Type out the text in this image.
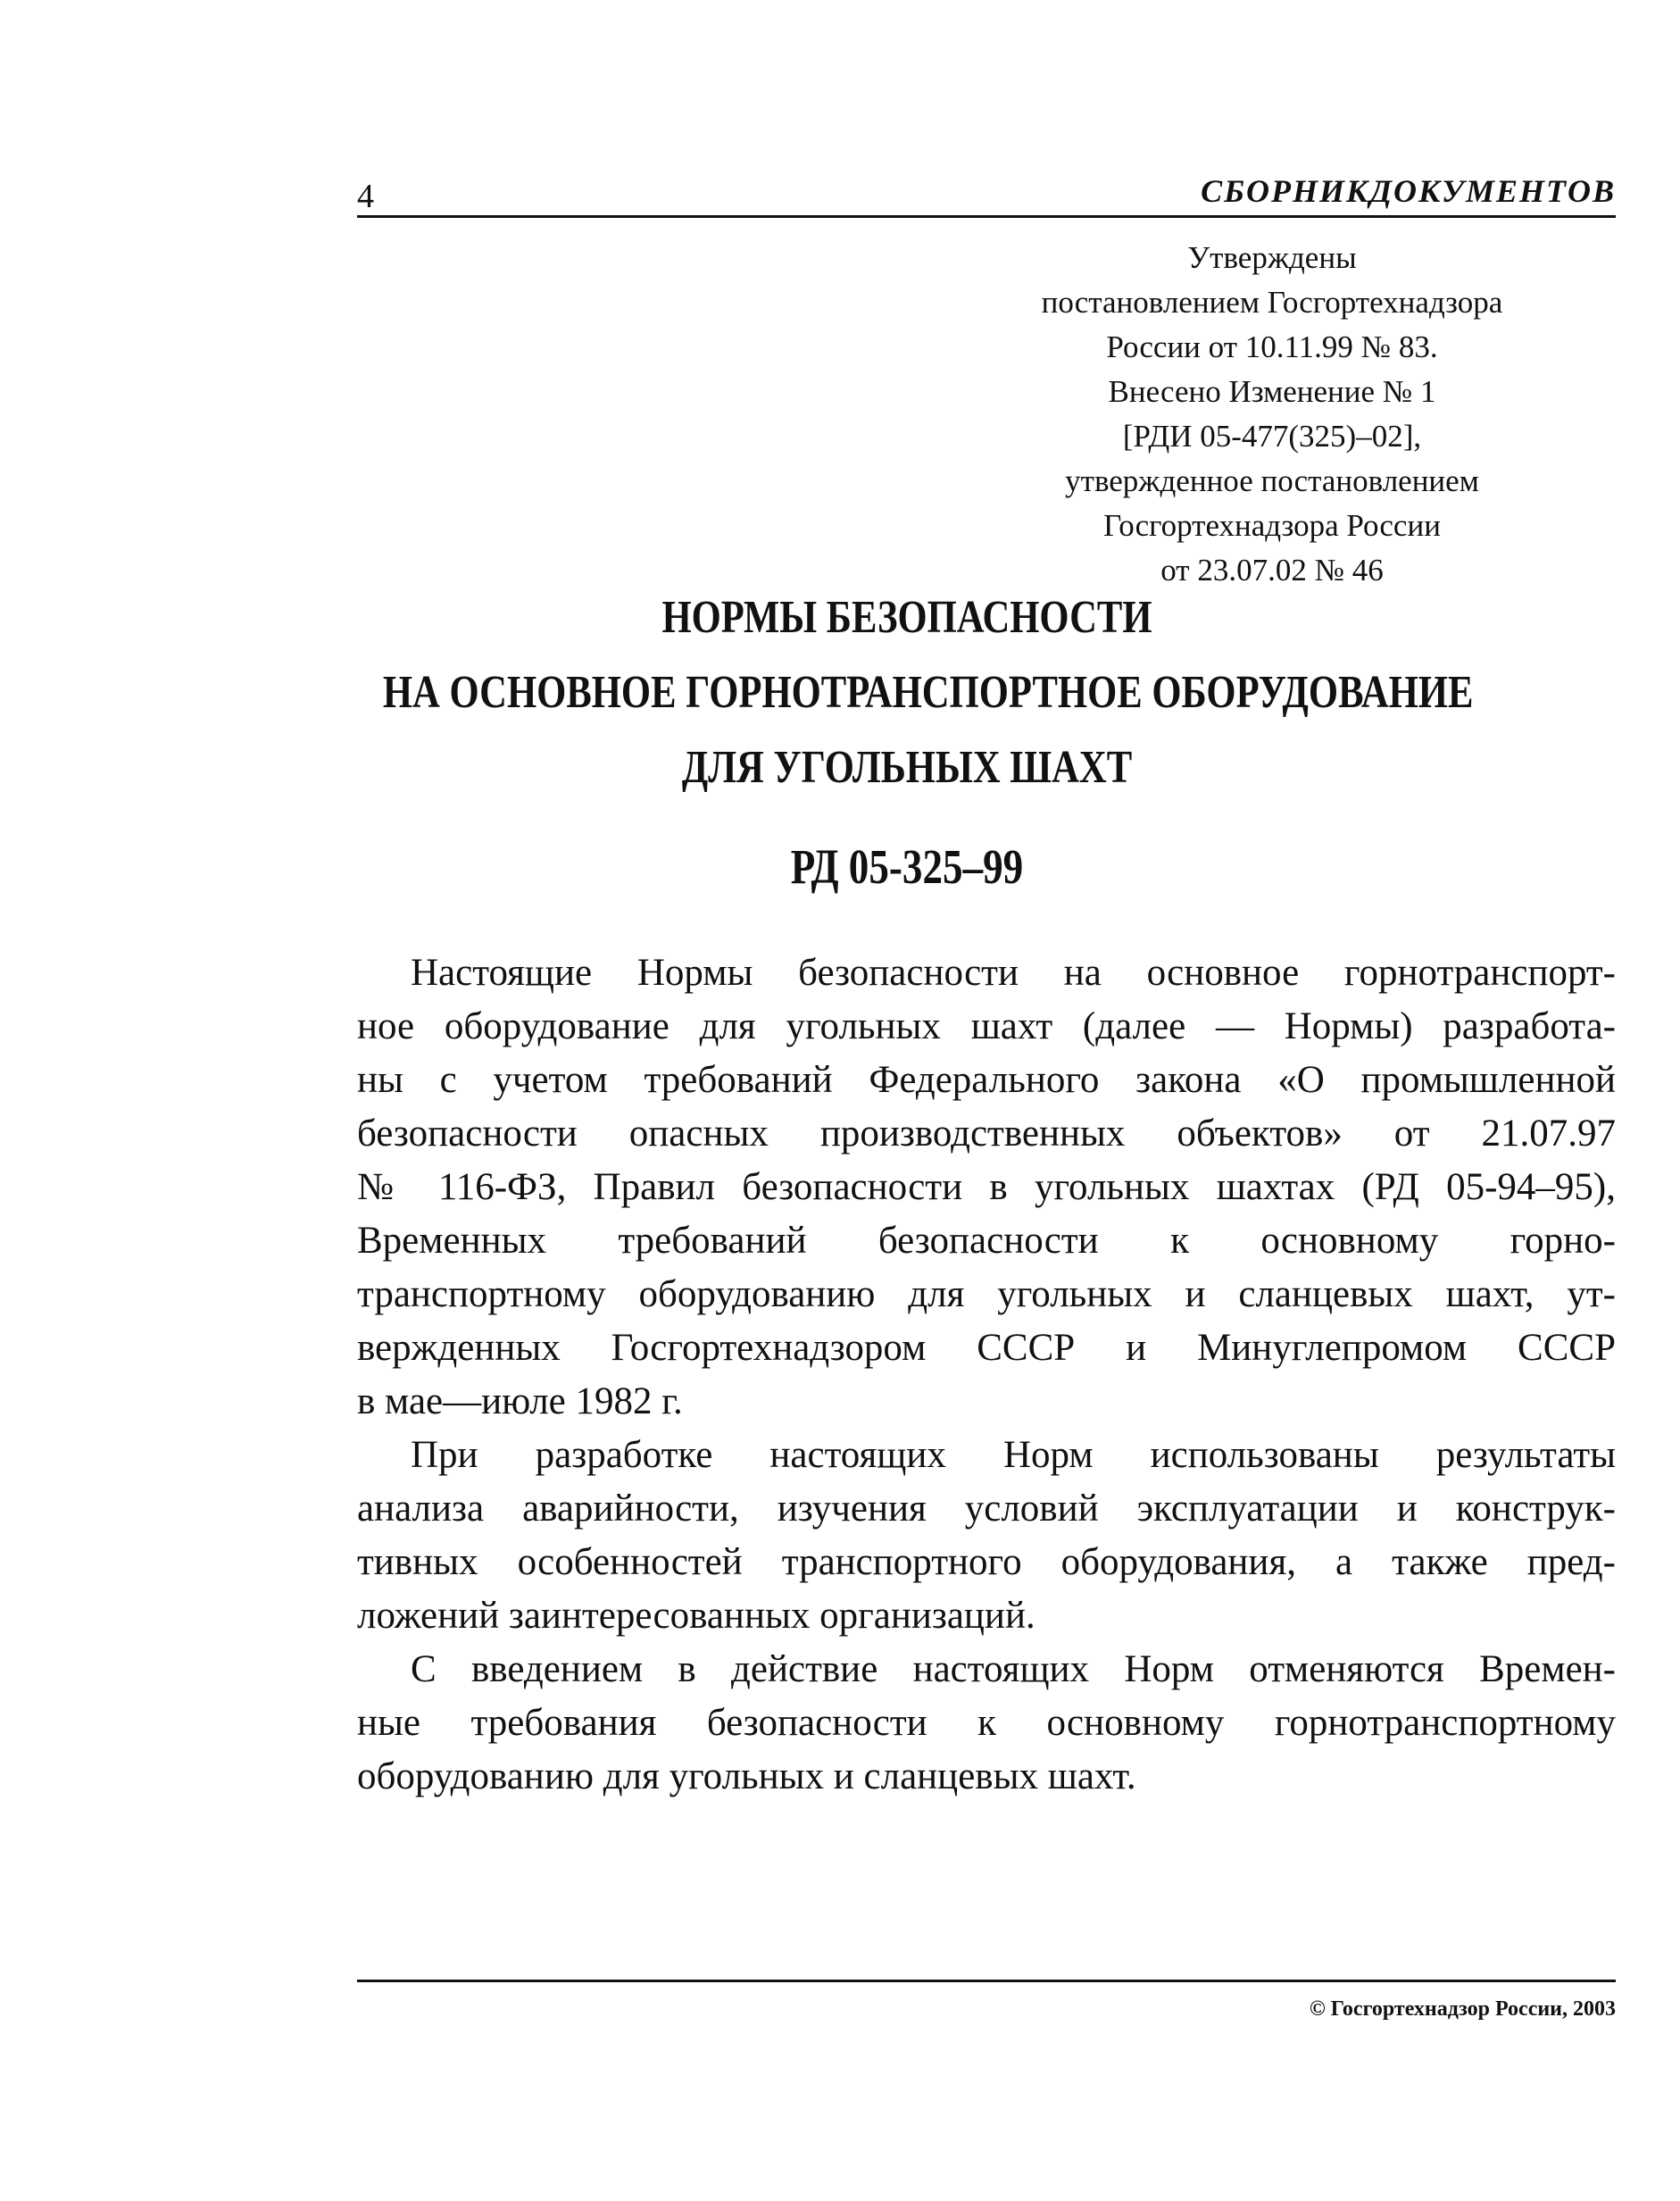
4	СБОРНИКДОКУМЕНТОВ
Утверждены
постановлением Госгортехнадзора
России от 10.11.99 № 83.
Внесено Изменение № 1
[РДИ 05-477(325)–02],
утвержденное постановлением
Госгортехнадзора России
от 23.07.02 № 46
НОРМЫ БЕЗОПАСНОСТИ
НА ОСНОВНОЕ ГОРНОТРАНСПОРТНОЕ ОБОРУДОВАНИЕ
ДЛЯ УГОЛЬНЫХ ШАХТ
РД 05-325–99
Настоящие Нормы безопасности на основное горнотранспорт-
ное оборудование для угольных шахт (далее — Нормы) разработа-
ны с учетом требований Федерального закона «О промышленной
безопасности опасных производственных объектов» от 21.07.97
№ 116-ФЗ, Правил безопасности в угольных шахтах (РД 05-94–95),
Временных требований безопасности к основному горно-
транспортному оборудованию для угольных и сланцевых шахт, ут-
вержденных Госгортехнадзором СССР и Минуглепромом СССР
в мае—июле 1982 г.
При разработке настоящих Норм использованы результаты
анализа аварийности, изучения условий эксплуатации и конструк-
тивных особенностей транспортного оборудования, а также пред-
ложений заинтересованных организаций.
С введением в действие настоящих Норм отменяются Времен-
ные требования безопасности к основному горнотранспортному
оборудованию для угольных и сланцевых шахт.
© Госгортехнадзор России, 2003
